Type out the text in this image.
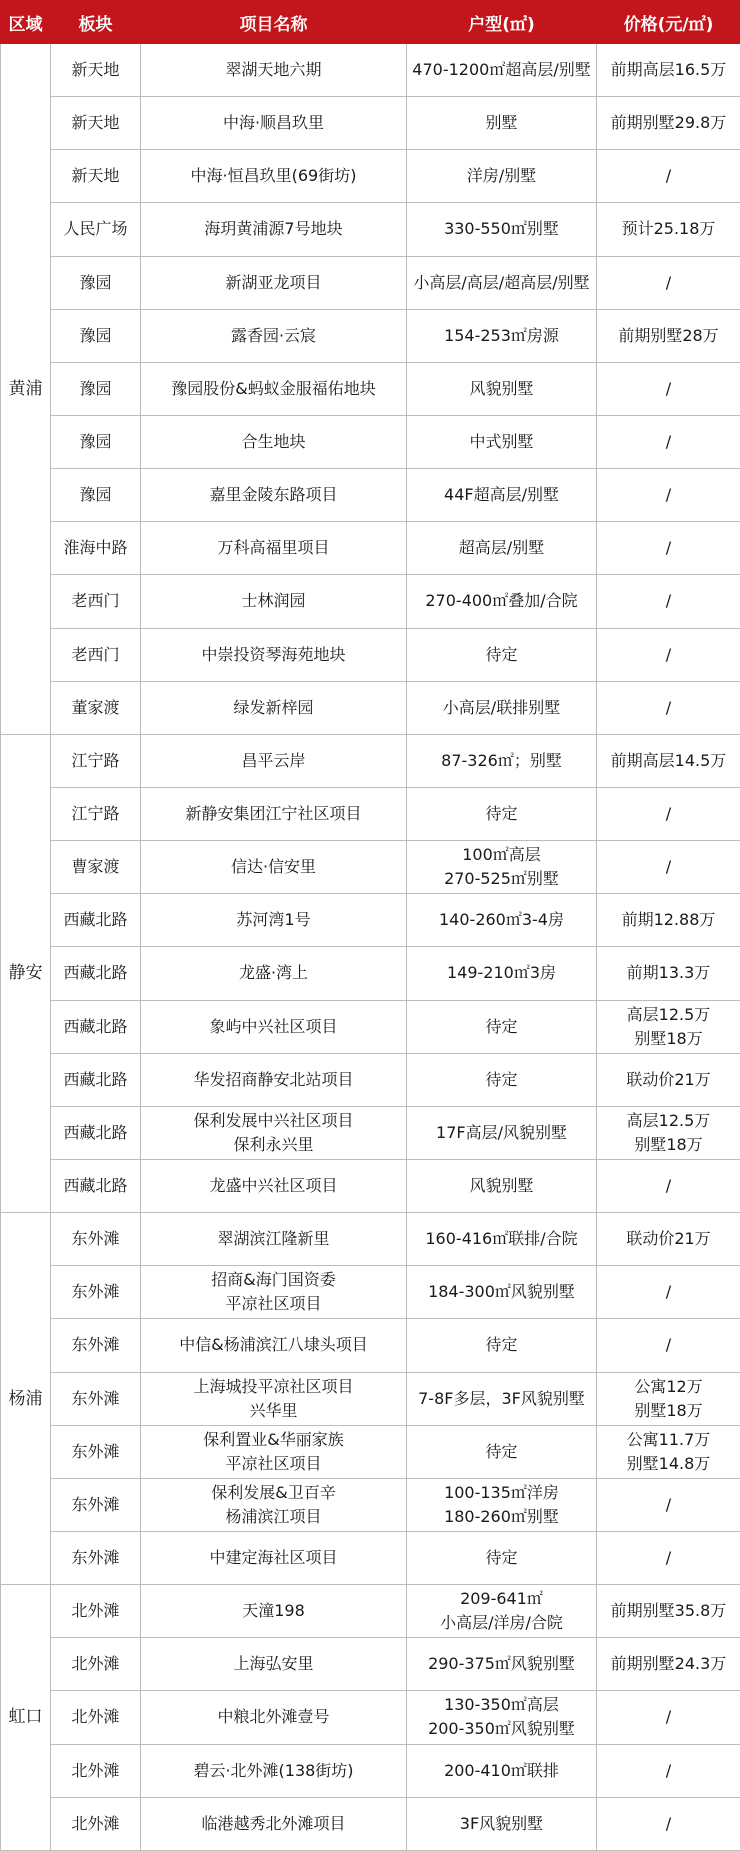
区域	板块	项目名称	户型(㎡)	价格(元/㎡)
黄浦	新天地	翠湖天地六期	470-1200㎡超高层/别墅	前期高层16.5万

	新天地	中海·顺昌玖里	别墅	前期别墅29.8万

	新天地	中海·恒昌玖里(69街坊)	洋房/别墅	/

	人民广场	海玥黄浦源7号地块	330-550㎡别墅	预计25.18万

	豫园	新湖亚龙项目	小高层/高层/超高层/别墅	/

	豫园	露香园·云宸	154-253㎡房源	前期别墅28万

	豫园	豫园股份&蚂蚁金服福佑地块	风貌别墅	/

	豫园	合生地块	中式别墅	/

	豫园	嘉里金陵东路项目	44F超高层/别墅	/

	淮海中路	万科高福里项目	超高层/别墅	/

	老西门	士林润园	270-400㎡叠加/合院	/

	老西门	中崇投资琴海苑地块	待定	/

	董家渡	绿发新梓园	小高层/联排别墅	/

静安	江宁路	昌平云岸	87-326㎡；别墅	前期高层14.5万

	江宁路	新静安集团江宁社区项目	待定	/

	曹家渡	信达·信安里	100㎡高层
270-525㎡别墅	/

	西藏北路	苏河湾1号	140-260㎡3-4房	前期12.88万

	西藏北路	龙盛·湾上	149-210㎡3房	前期13.3万

	西藏北路	象屿中兴社区项目	待定	高层12.5万
别墅18万

	西藏北路	华发招商静安北站项目	待定	联动价21万

	西藏北路	保利发展中兴社区项目
保利永兴里	17F高层/风貌别墅	高层12.5万
别墅18万

	西藏北路	龙盛中兴社区项目	风貌别墅	/

杨浦	东外滩	翠湖滨江隆新里	160-416㎡联排/合院	联动价21万

	东外滩	招商&海门国资委
平凉社区项目	184-300㎡风貌别墅	/

	东外滩	中信&杨浦滨江八埭头项目	待定	/

	东外滩	上海城投平凉社区项目
兴华里	7-8F多层，3F风貌别墅	公寓12万
别墅18万

	东外滩	保利置业&华丽家族
平凉社区项目	待定	公寓11.7万
别墅14.8万

	东外滩	保利发展&卫百辛
杨浦滨江项目	100-135㎡洋房
180-260㎡别墅	/

	东外滩	中建定海社区项目	待定	/

虹口	北外滩	天潼198	209-641㎡
小高层/洋房/合院	前期别墅35.8万

	北外滩	上海弘安里	290-375㎡风貌别墅	前期别墅24.3万

	北外滩	中粮北外滩壹号	130-350㎡高层
200-350㎡风貌别墅	/

	北外滩	碧云·北外滩(138街坊)	200-410㎡联排	/

	北外滩	临港越秀北外滩项目	3F风貌别墅	/
